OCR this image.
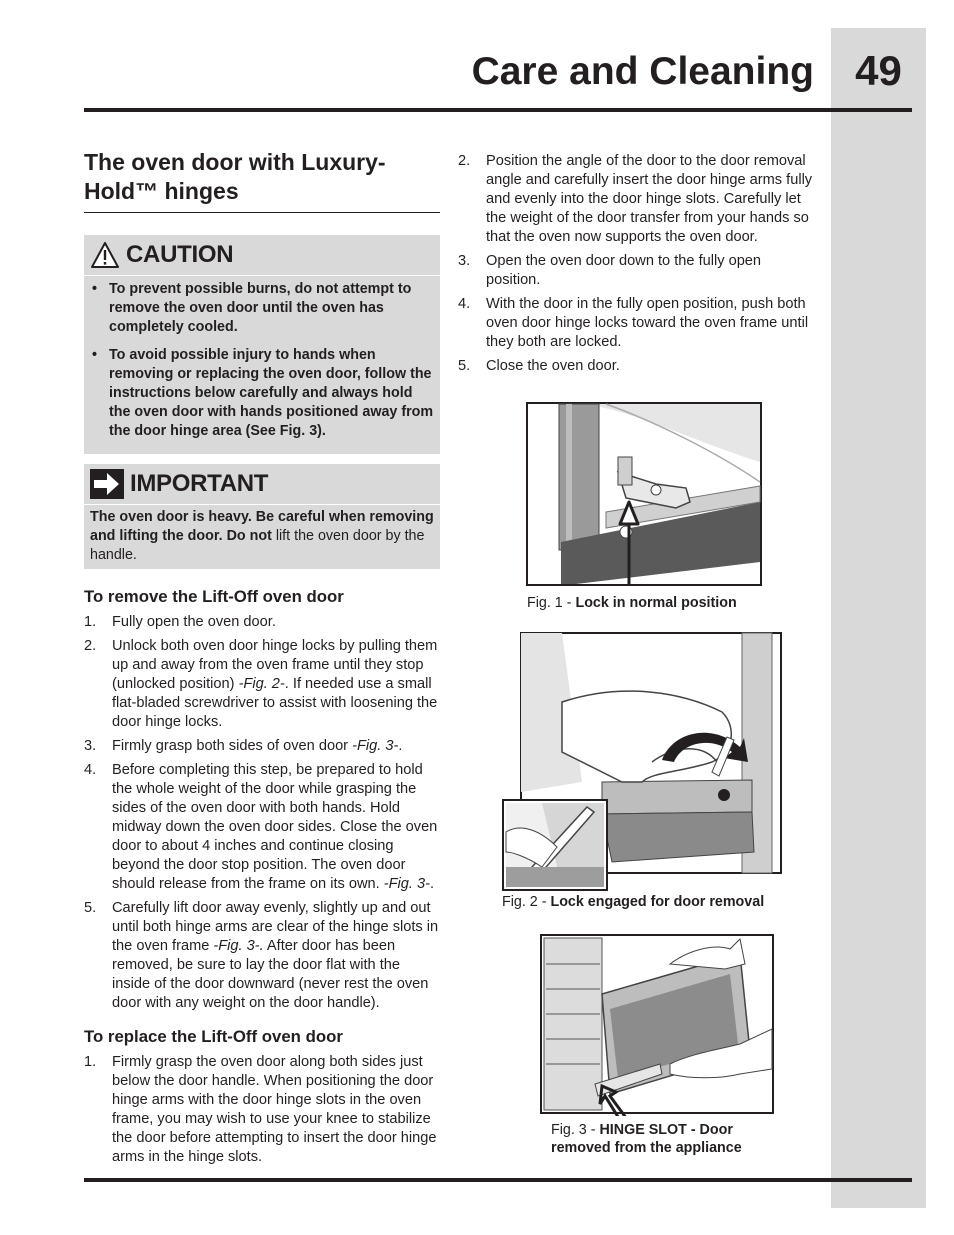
49
Care and Cleaning
The oven door with Luxury-Hold™ hinges
CAUTION
• To prevent possible burns, do not attempt to remove the oven door until the oven has completely cooled.
• To avoid possible injury to hands when removing or replacing the oven door, follow the instructions below carefully and always hold the oven door with hands positioned away from the door hinge area (See Fig. 3).
IMPORTANT
The oven door is heavy. Be careful when removing and lifting the door. Do not lift the oven door by the handle.
To remove the Lift-Off oven door
1. Fully open the oven door.
2. Unlock both oven door hinge locks by pulling them up and away from the oven frame until they stop (unlocked position) -Fig. 2-. If needed use a small flat-bladed screwdriver to assist with loosening the door hinge locks.
3. Firmly grasp both sides of oven door -Fig. 3-.
4. Before completing this step, be prepared to hold the whole weight of the door while grasping the sides of the oven door with both hands. Hold midway down the oven door sides. Close the oven door to about 4 inches and continue closing beyond the door stop position. The oven door should release from the frame on its own. -Fig. 3-.
5. Carefully lift door away evenly, slightly up and out until both hinge arms are clear of the hinge slots in the oven frame -Fig. 3-. After door has been removed, be sure to lay the door flat with the inside of the door downward (never rest the oven door with any weight on the door handle).
To replace the Lift-Off oven door
1. Firmly grasp the oven door along both sides just below the door handle. When positioning the door hinge arms with the door hinge slots in the oven frame, you may wish to use your knee to stabilize the door before attempting to insert the door hinge arms in the hinge slots.
2. Position the angle of the door to the door removal angle and carefully insert the door hinge arms fully and evenly into the door hinge slots. Carefully let the weight of the door transfer from your hands so that the oven now supports the oven door.
3. Open the oven door down to the fully open position.
4. With the door in the fully open position, push both oven door hinge locks toward the oven frame until they both are locked.
5. Close the oven door.
Fig. 1 - Lock in normal position
Fig. 2 - Lock engaged for door removal
Fig. 3 - HINGE SLOT - Door removed from the appliance
